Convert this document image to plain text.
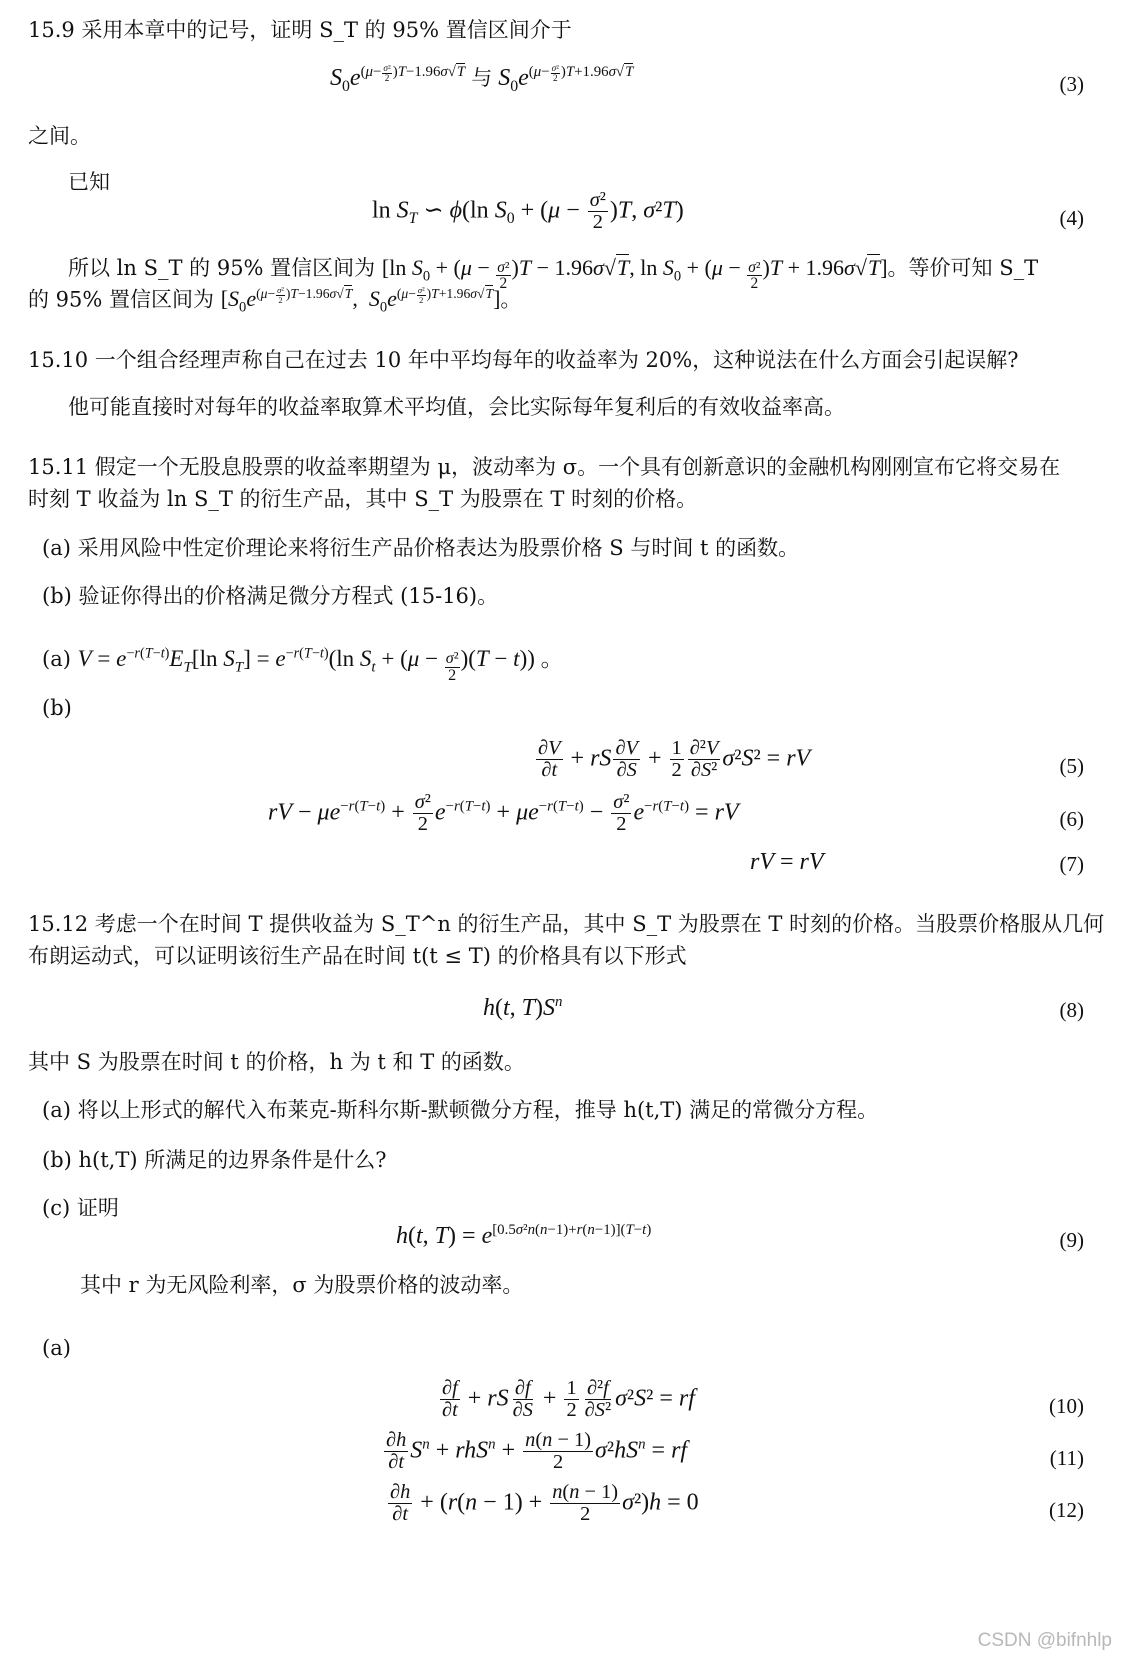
15.9 采用本章中的记号，证明 S_T 的 95% 置信区间介于
$S_0e^{(\mu- \frac{\text{σ²}}{2} )T-1.96\sigma√T}$ 与 $S_0e^{(\mu- \frac{\text{σ²}}{2} )T+1.96\sigma√T}$	(3)
之间。
已知
$\ln S_T$ ∽ ϕ(ln $S_0 + (\mu - \frac{\text{σ²}}{2} )T$, σ²T)	(4)
所以 ln S_T 的 95% 置信区间为 [ln $S_0 + (\mu - \frac{\text{σ²}}{2} )T - 1.96\sigma√T$, $\ln S_0 + (\mu - \frac{\text{σ²}}{2} )T + 1.96\sigma√T$]。等价可知 S_T
的 95% 置信区间为 [$S_0e^{(\mu- \frac{\text{σ²}}{2} )T-1.96\sigma√T}$,  $S_0e^{(\mu- \frac{\text{σ²}}{2} )T+1.96\sigma√T}$]。
15.10 一个组合经理声称自己在过去 10 年中平均每年的收益率为 20%，这种说法在什么方面会引起误解?
他可能直接时对每年的收益率取算术平均值，会比实际每年复利后的有效收益率高。
15.11 假定一个无股息股票的收益率期望为 μ，波动率为 σ。一个具有创新意识的金融机构刚刚宣布它将交易在
时刻 T 收益为 ln S_T 的衍生产品，其中 S_T 为股票在 T 时刻的价格。
(a) 采用风险中性定价理论来将衍生产品价格表达为股票价格 S 与时间 t 的函数。
(b) 验证你得出的价格满足微分方程式 (15-16)。
(a) $V = e^{-r(T-t)}E_T[\ln$ $S_T] = e^{-r(T-t)}(\ln$ $S_t + (\mu - \frac{\text{σ²}}{2} )(T - t)$) 。
(b)
$\frac{\partial V}{\partial t}$ + rS $\frac{\partial V}{\partial S} + \frac{1}{2} \frac{\text{∂²V}}{\text{∂S²}} \sigma^2S^2$ = rV	(5)
rV − $\mu e^{-r(T-t)} + \frac{\text{σ²}}{2} e^{-r(T-t)} + \mu e^{-r(T-t)} - \frac{\text{σ²}}{2} e^{-r(T-t)}$ = rV	(6)
rV = rV	(7)
15.12 考虑一个在时间 T 提供收益为 S_T^n 的衍生产品，其中 S_T 为股票在 T 时刻的价格。当股票价格服从几何
布朗运动式，可以证明该衍生产品在时间 t(t ≤ T) 的价格具有以下形式
h(t, $T)S^n$	(8)
其中 S 为股票在时间 t 的价格，h 为 t 和 T 的函数。
(a) 将以上形式的解代入布莱克-斯科尔斯-默顿微分方程，推导 h(t,T) 满足的常微分方程。
(b) h(t,T) 所满足的边界条件是什么?
(c) 证明
h(t, $T) = e^{[0.5\sigma^2n(n-1)+r(n-1)](T-t)}$	(9)
其中 r 为无风险利率，σ 为股票价格的波动率。
(a)
$\frac{\partial f}{\partial t}$ + rS $\frac{\partial f}{\partial S} + \frac{1}{2} \frac{\text{∂²f}}{\text{∂S²}} \sigma^2S^2$ = rf	(10)
$\frac{\partial h}{\partial t} S^n + rhS^n + \frac{n(n - 1)}{2} \sigma^2hS^n$ = rf	(11)
$\frac{\partial h}{\partial t} + (r(n - 1) + \frac{n(n - 1)}{2} \sigma^2)h = 0$	(12)
CSDN @bifnhlp
